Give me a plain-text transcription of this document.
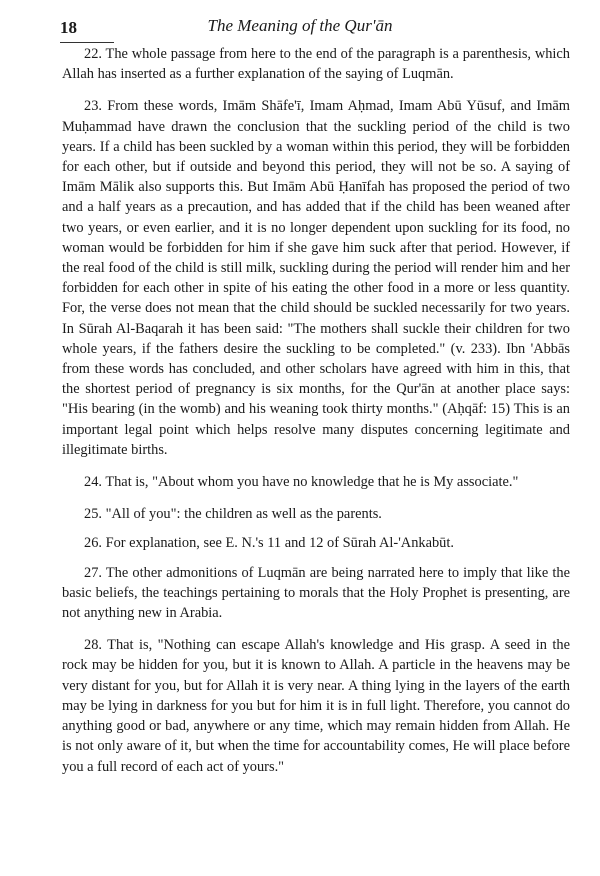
18	The Meaning of the Qur'ān

22. The whole passage from here to the end of the paragraph is a parenthesis, which Allah has inserted as a further explanation of the saying of Luqmān.

23. From these words, Imām Shāfe'ī, Imam Aḥmad, Imam Abū Yūsuf, and Imām Muḥammad have drawn the conclusion that the suckling period of the child is two years. If a child has been suckled by a woman within this period, they will be forbidden for each other, but if outside and beyond this period, they will not be so. A saying of Imām Mālik also supports this. But Imām Abū Ḥanīfah has proposed the period of two and a half years as a precaution, and has added that if the child has been weaned after two years, or even earlier, and it is no longer dependent upon suckling for its food, no woman would be forbidden for him if she gave him suck after that period. However, if the real food of the child is still milk, suckling during the period will render him and her forbidden for each other in spite of his eating the other food in a more or less quantity. For, the verse does not mean that the child should be suckled necessarily for two years. In Sūrah Al-Baqarah it has been said: "The mothers shall suckle their children for two whole years, if the fathers desire the suckling to be completed." (v. 233). Ibn 'Abbās from these words has concluded, and other scholars have agreed with him in this, that the shortest period of pregnancy is six months, for the Qur'ān at another place says: "His bearing (in the womb) and his weaning took thirty months." (Aḥqāf: 15) This is an important legal point which helps resolve many disputes concerning legitimate and illegitimate births.

24. That is, "About whom you have no knowledge that he is My associate."

25. "All of you": the children as well as the parents.

26. For explanation, see E. N.'s 11 and 12 of Sūrah Al-'Ankabūt.

27. The other admonitions of Luqmān are being narrated here to imply that like the basic beliefs, the teachings pertaining to morals that the Holy Prophet is presenting, are not anything new in Arabia.

28. That is, "Nothing can escape Allah's knowledge and His grasp. A seed in the rock may be hidden for you, but it is known to Allah. A particle in the heavens may be very distant for you, but for Allah it is very near. A thing lying in the layers of the earth may be lying in darkness for you but for him it is in full light. Therefore, you cannot do anything good or bad, anywhere or any time, which may remain hidden from Allah. He is not only aware of it, but when the time for accountability comes, He will place before you a full record of each act of yours."
